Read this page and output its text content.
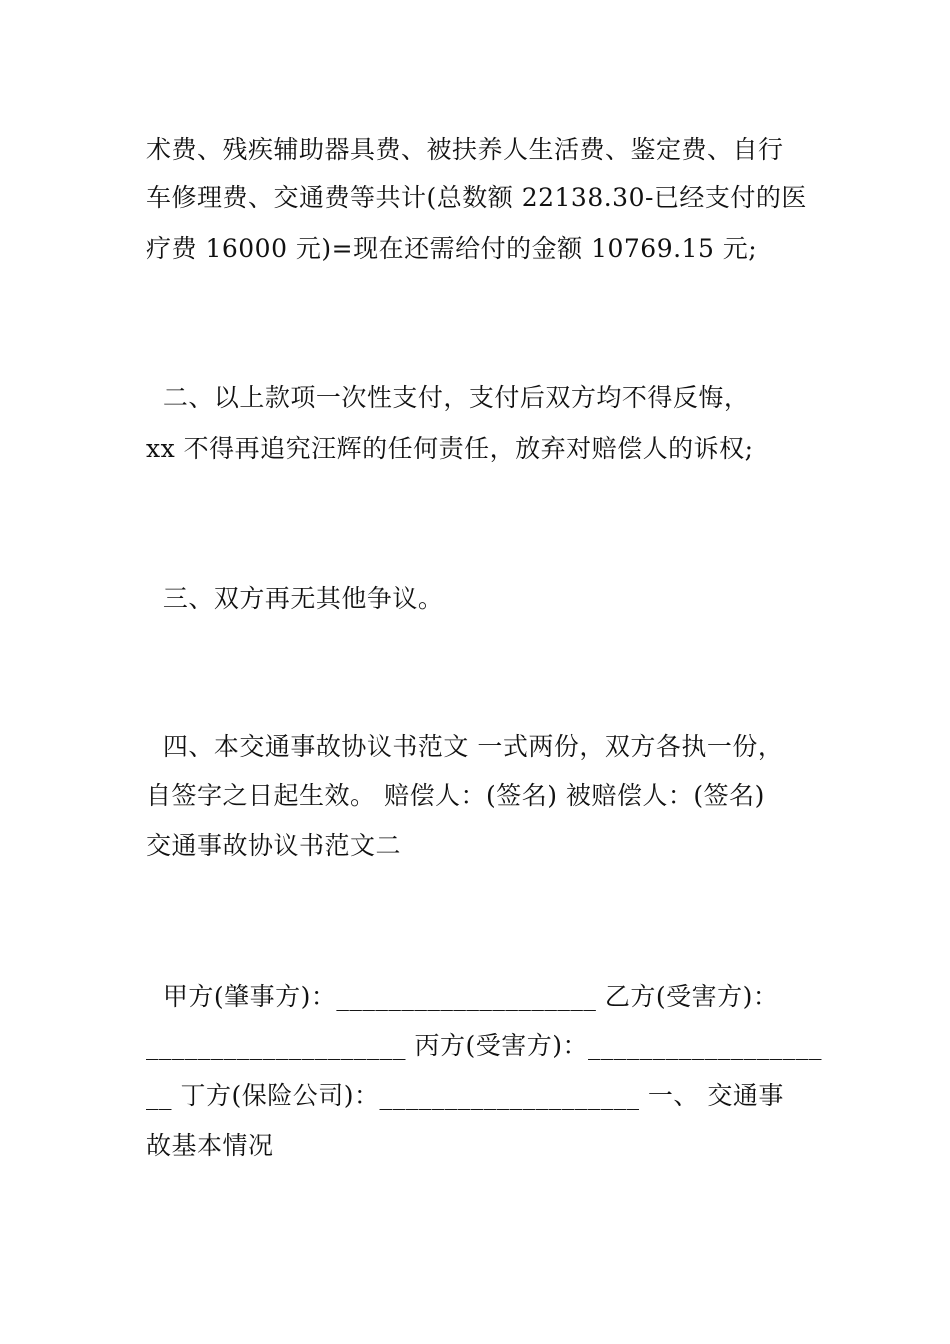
术费、残疾辅助器具费、被扶养人生活费、鉴定费、自行
车修理费、交通费等共计(总数额 22138.30-已经支付的医
疗费 16000 元)=现在还需给付的金额 10769.15 元;
二、以上款项一次性支付，支付后双方均不得反悔，
xx 不得再追究汪辉的任何责任，放弃对赔偿人的诉权;
三、双方再无其他争议。
四、本交通事故协议书范文 一式两份，双方各执一份，
自签字之日起生效。 赔偿人：(签名) 被赔偿人：(签名)
交通事故协议书范文二
甲方(肇事方)：____________________ 乙方(受害方)：
____________________ 丙方(受害方)：__________________
__ 丁方(保险公司)：____________________ 一、 交通事
故基本情况
